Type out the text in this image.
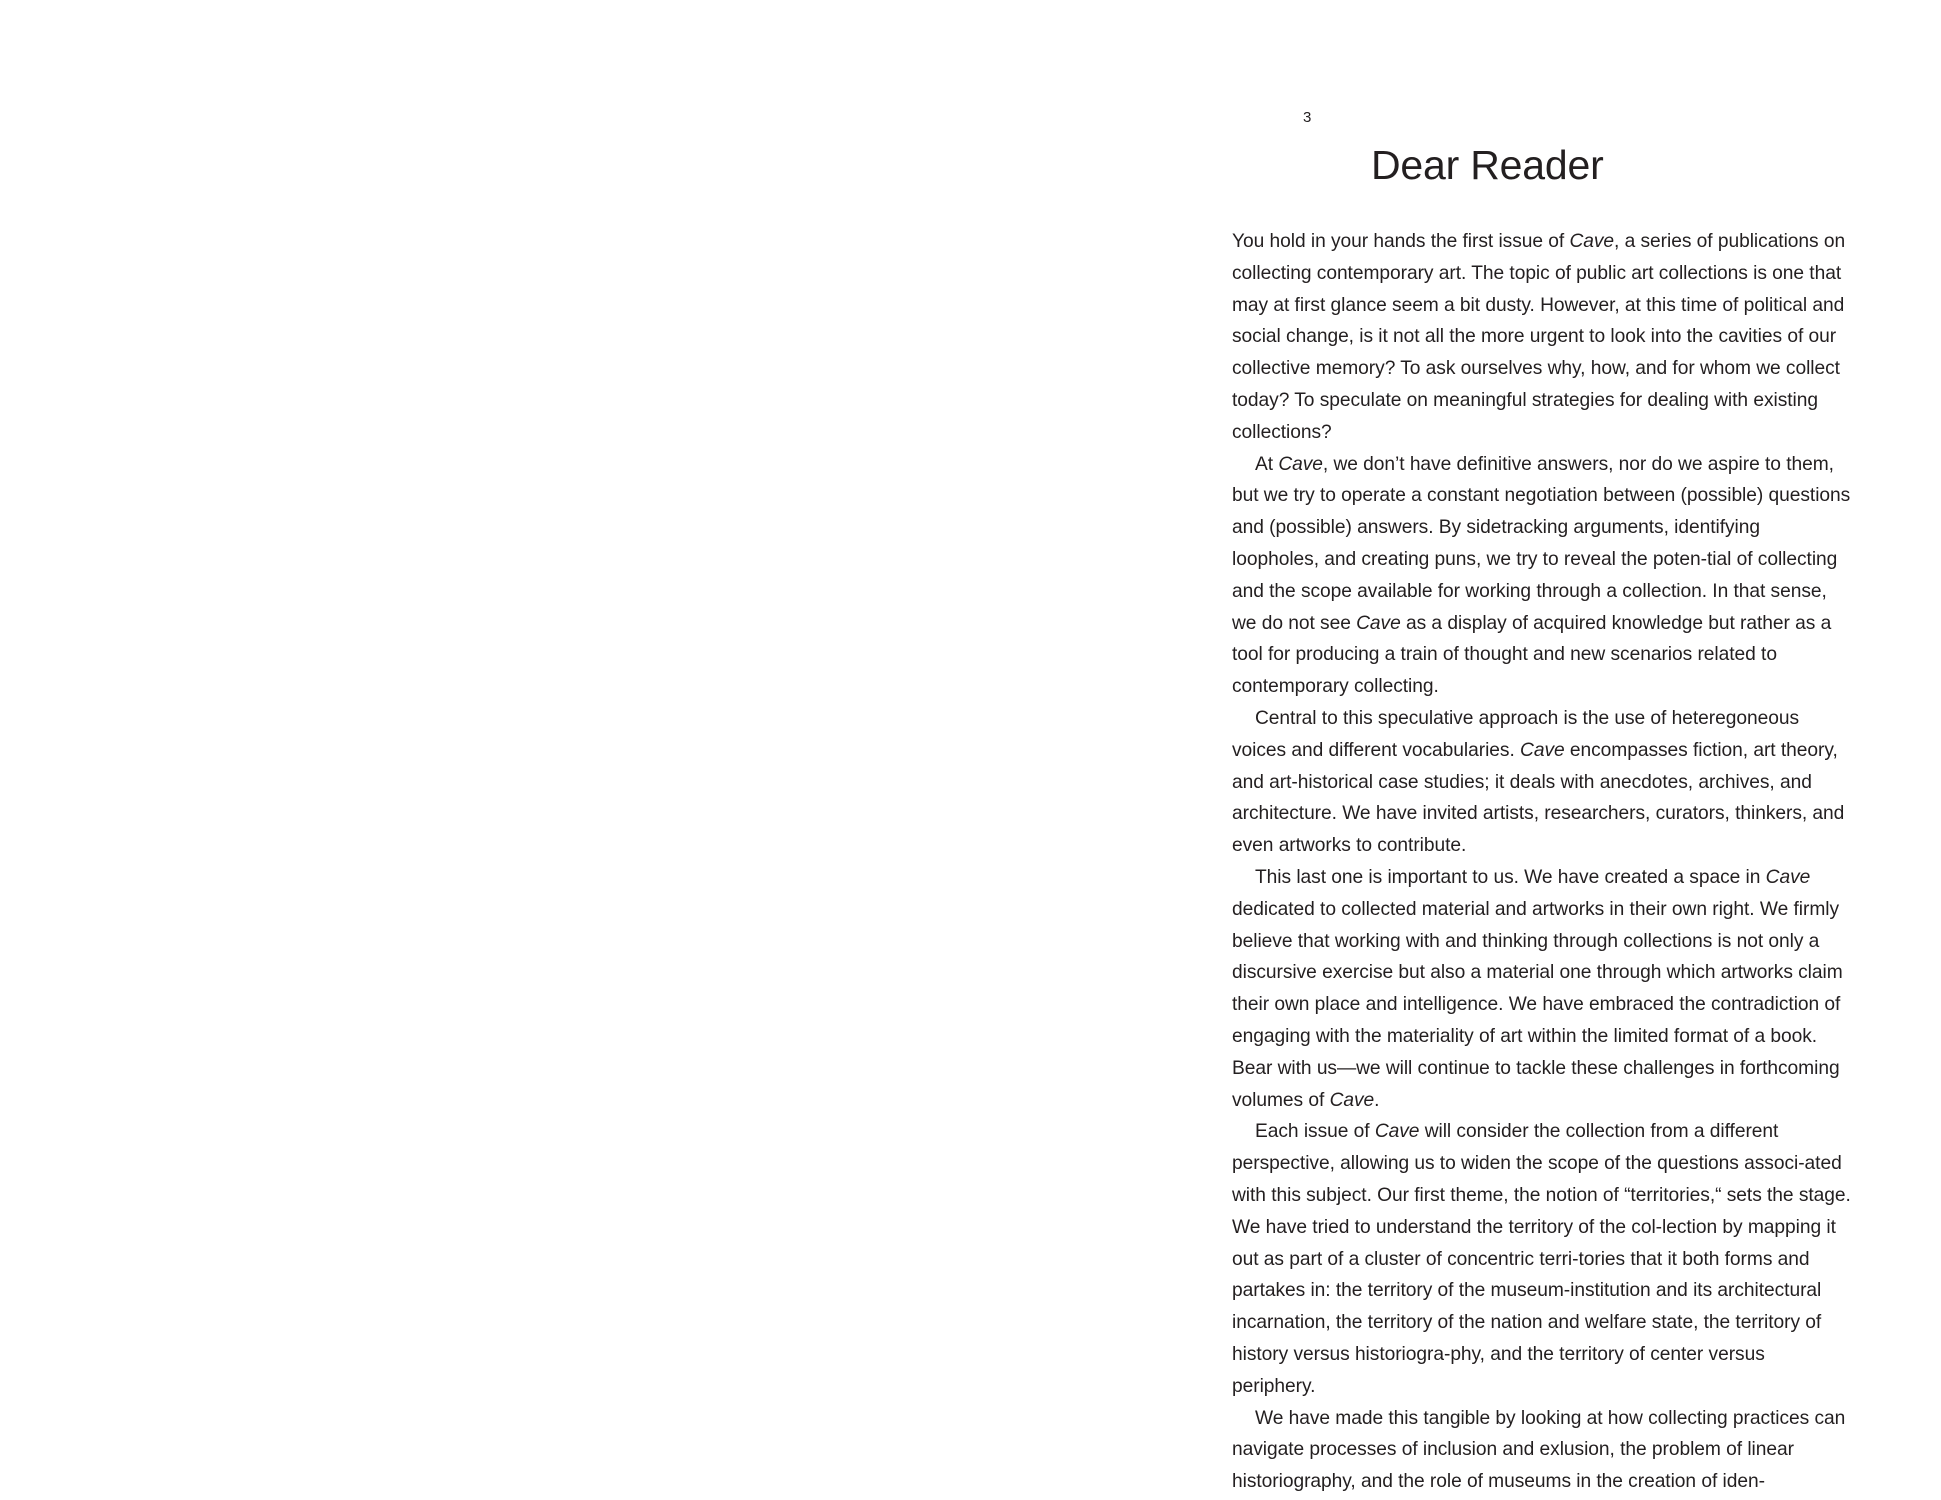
3
Dear Reader

You hold in your hands the first issue of Cave, a series of publications on collecting contemporary art. The topic of public art collections is one that may at first glance seem a bit dusty. However, at this time of political and social change, is it not all the more urgent to look into the cavities of our collective memory? To ask ourselves why, how, and for whom we collect today? To speculate on meaningful strategies for dealing with existing collections?

At Cave, we don’t have definitive answers, nor do we aspire to them, but we try to operate a constant negotiation between (possible) questions and (possible) answers. By sidetracking arguments, identifying loopholes, and creating puns, we try to reveal the poten-tial of collecting and the scope available for working through a collection. In that sense, we do not see Cave as a display of acquired knowledge but rather as a tool for producing a train of thought and new scenarios related to contemporary collecting.

Central to this speculative approach is the use of heteregoneous voices and different vocabularies. Cave encompasses fiction, art theory, and art-historical case studies; it deals with anecdotes, archives, and architecture. We have invited artists, researchers, curators, thinkers, and even artworks to contribute.

This last one is important to us. We have created a space in Cave dedicated to collected material and artworks in their own right. We firmly believe that working with and thinking through collections is not only a discursive exercise but also a material one through which artworks claim their own place and intelligence. We have embraced the contradiction of engaging with the materiality of art within the limited format of a book. Bear with us—we will continue to tackle these challenges in forthcoming volumes of Cave.

Each issue of Cave will consider the collection from a different perspective, allowing us to widen the scope of the questions associ-ated with this subject. Our first theme, the notion of “territories,“ sets the stage. We have tried to understand the territory of the col-lection by mapping it out as part of a cluster of concentric terri-tories that it both forms and partakes in: the territory of the museum-institution and its architectural incarnation, the territory of the nation and welfare state, the territory of history versus historiogra-phy, and the territory of center versus periphery.

We have made this tangible by looking at how collecting practices can navigate processes of inclusion and exlusion, the problem of linear historiography, and the role of museums in the creation of iden-
